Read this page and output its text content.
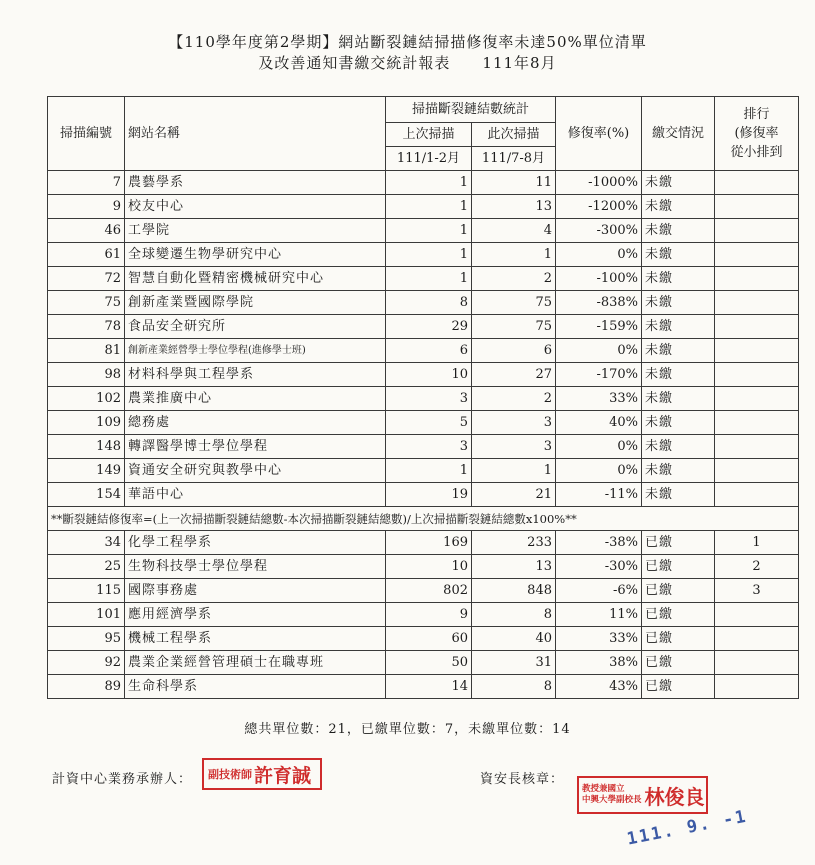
【110學年度第2學期】網站斷裂鏈結掃描修復率未達50%單位清單
及改善通知書繳交統計報表　　111年8月
掃描編號	網站名稱	掃描斷裂鏈結數統計		修復率(%)	繳交情況	排行
(修復率
從小排到

		上次掃描	此次掃描			
		111/1-2月	111/7-8月			
7	農藝學系	1	11	-1000%	未繳	
9	校友中心	1	13	-1200%	未繳	
46	工學院	1	4	-300%	未繳	
61	全球變遷生物學研究中心	1	1	0%	未繳	
72	智慧自動化暨精密機械研究中心	1	2	-100%	未繳	
75	創新產業暨國際學院	8	75	-838%	未繳	
78	食品安全研究所	29	75	-159%	未繳	
81	創新產業經營學士學位學程(進修學士班)	6	6	0%	未繳	
98	材料科學與工程學系	10	27	-170%	未繳	
102	農業推廣中心	3	2	33%	未繳	
109	總務處	5	3	40%	未繳	
148	轉譯醫學博士學位學程	3	3	0%	未繳	
149	資通安全研究與教學中心	1	1	0%	未繳	
154	華語中心	19	21	-11%	未繳	
**斷裂鏈結修復率=(上一次掃描斷裂鏈結總數-本次掃描斷裂鏈結總數)/上次掃描斷裂鏈結總數x100%**						
34	化學工程學系	169	233	-38%	已繳	1
25	生物科技學士學位學程	10	13	-30%	已繳	2
115	國際事務處	802	848	-6%	已繳	3
101	應用經濟學系	9	8	11%	已繳	
95	機械工程學系	60	40	33%	已繳	
92	農業企業經營管理碩士在職專班	50	31	38%	已繳	
89	生命科學系	14	8	43%	已繳	
總共單位數：21，已繳單位數：7，未繳單位數：14
計資中心業務承辦人： 副技術師 許育誠	資安長核章：
教授兼國立
中興大學副校長 林俊良
111. 9. -1
